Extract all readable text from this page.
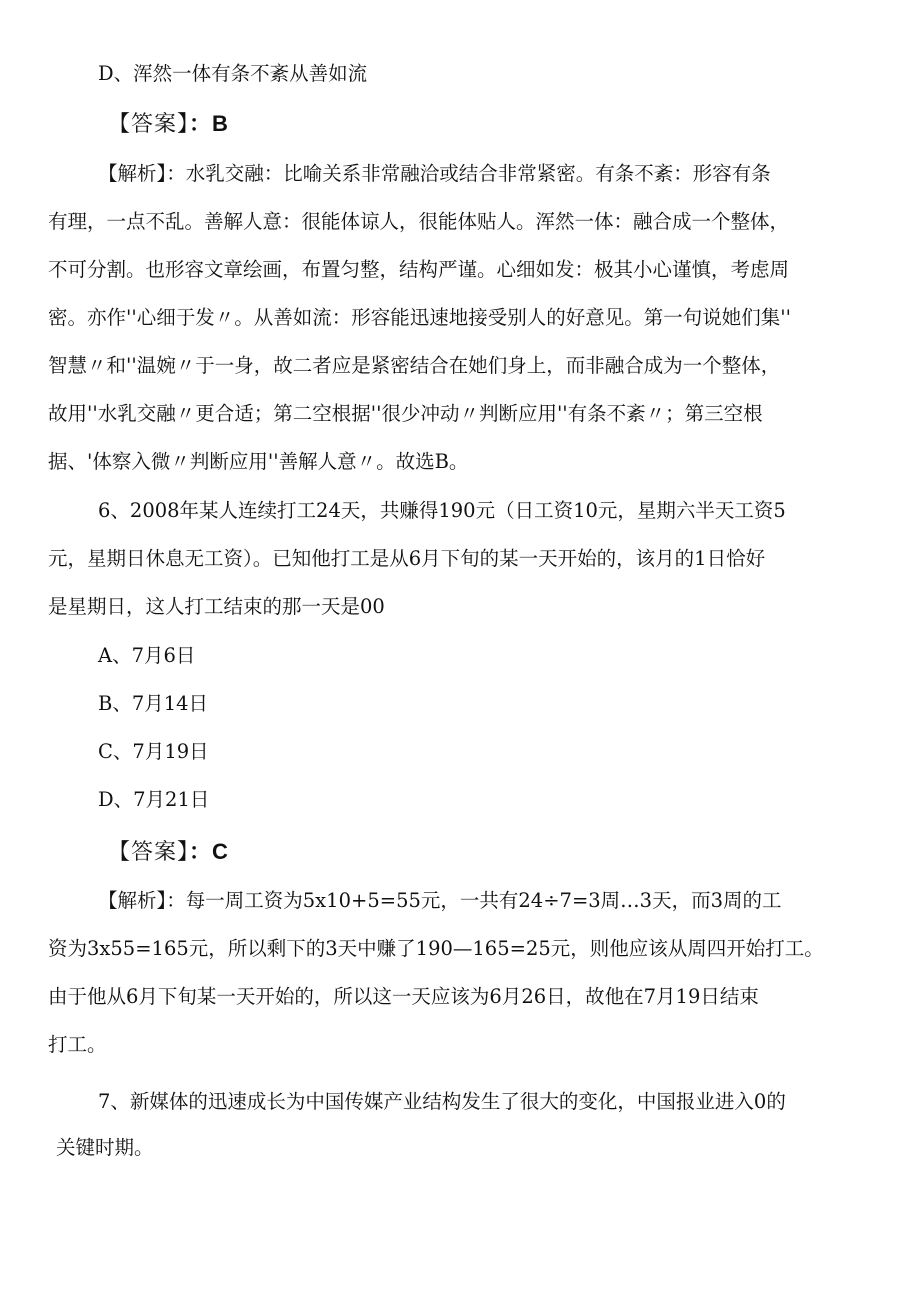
D、浑然一体有条不紊从善如流
【答案】：B
【解析】：水乳交融：比喻关系非常融洽或结合非常紧密。有条不紊：形容有条
有理，一点不乱。善解人意：很能体谅人，很能体贴人。浑然一体：融合成一个整体，
不可分割。也形容文章绘画，布置匀整，结构严谨。心细如发：极其小心谨慎，考虑周
密。亦作''心细于发〃。从善如流：形容能迅速地接受别人的好意见。第一句说她们集''
智慧〃和''温婉〃于一身，故二者应是紧密结合在她们身上，而非融合成为一个整体，
故用''水乳交融〃更合适；第二空根据''很少冲动〃判断应用''有条不紊〃；第三空根
据、'体察入微〃判断应用''善解人意〃。故选B。
6、2008年某人连续打工24天，共赚得190元（日工资10元，星期六半天工资5
元，星期日休息无工资）。已知他打工是从6月下旬的某一天开始的，该月的1日恰好
是星期日，这人打工结束的那一天是00
A、7月6日
B、7月14日
C、7月19日
D、7月21日
【答案】：C
【解析】：每一周工资为5x10+5=55元，一共有24÷7=3周…3天，而3周的工
资为3x55=165元，所以剩下的3天中赚了190—165=25元，则他应该从周四开始打工。
由于他从6月下旬某一天开始的，所以这一天应该为6月26日，故他在7月19日结束
打工。
7、新媒体的迅速成长为中国传媒产业结构发生了很大的变化，中国报业进入0的
关键时期。
